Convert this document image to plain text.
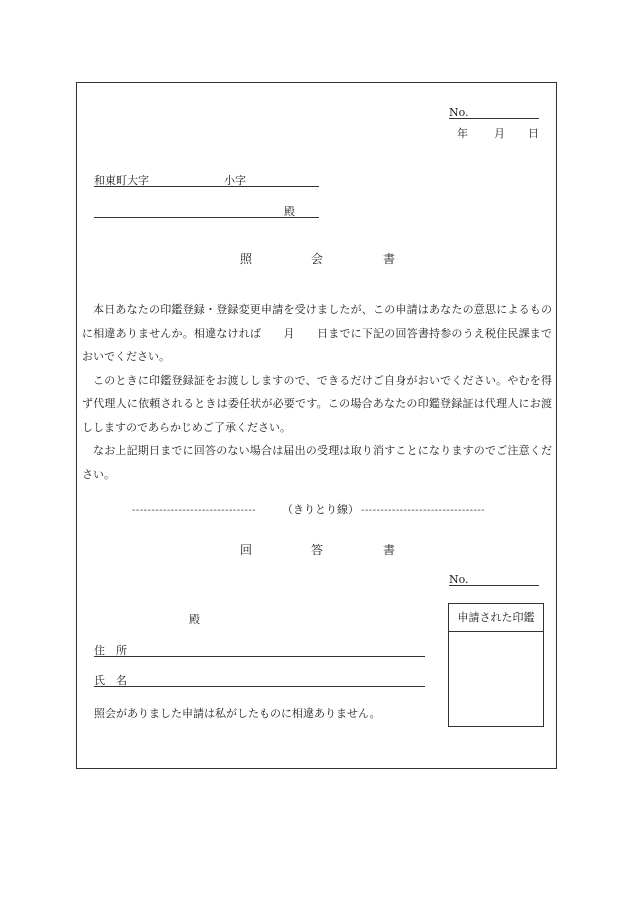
No.
年 月 日
和東町大字	小字
殿
照	会	書

本日あなたの印鑑登録・登録変更申請を受けましたが、この申請はあなたの意思によるものに相違ありませんか。相違なければ　　月　　日までに下記の回答書持参のうえ税住民課までおいでください。

このときに印鑑登録証をお渡ししますので、できるだけご自身がおいでください。やむを得ず代理人に依頼されるときは委任状が必要です。この場合あなたの印鑑登録証は代理人にお渡ししますのであらかじめご了承ください。

なお上記期日までに回答のない場合は届出の受理は取り消すことになりますのでご注意ください。

-------------------------------- （きりとり線） --------------------------------
回	答	書
No.
殿
住　所
氏　名
照会がありました申請は私がしたものに相違ありません。
申請された印鑑
